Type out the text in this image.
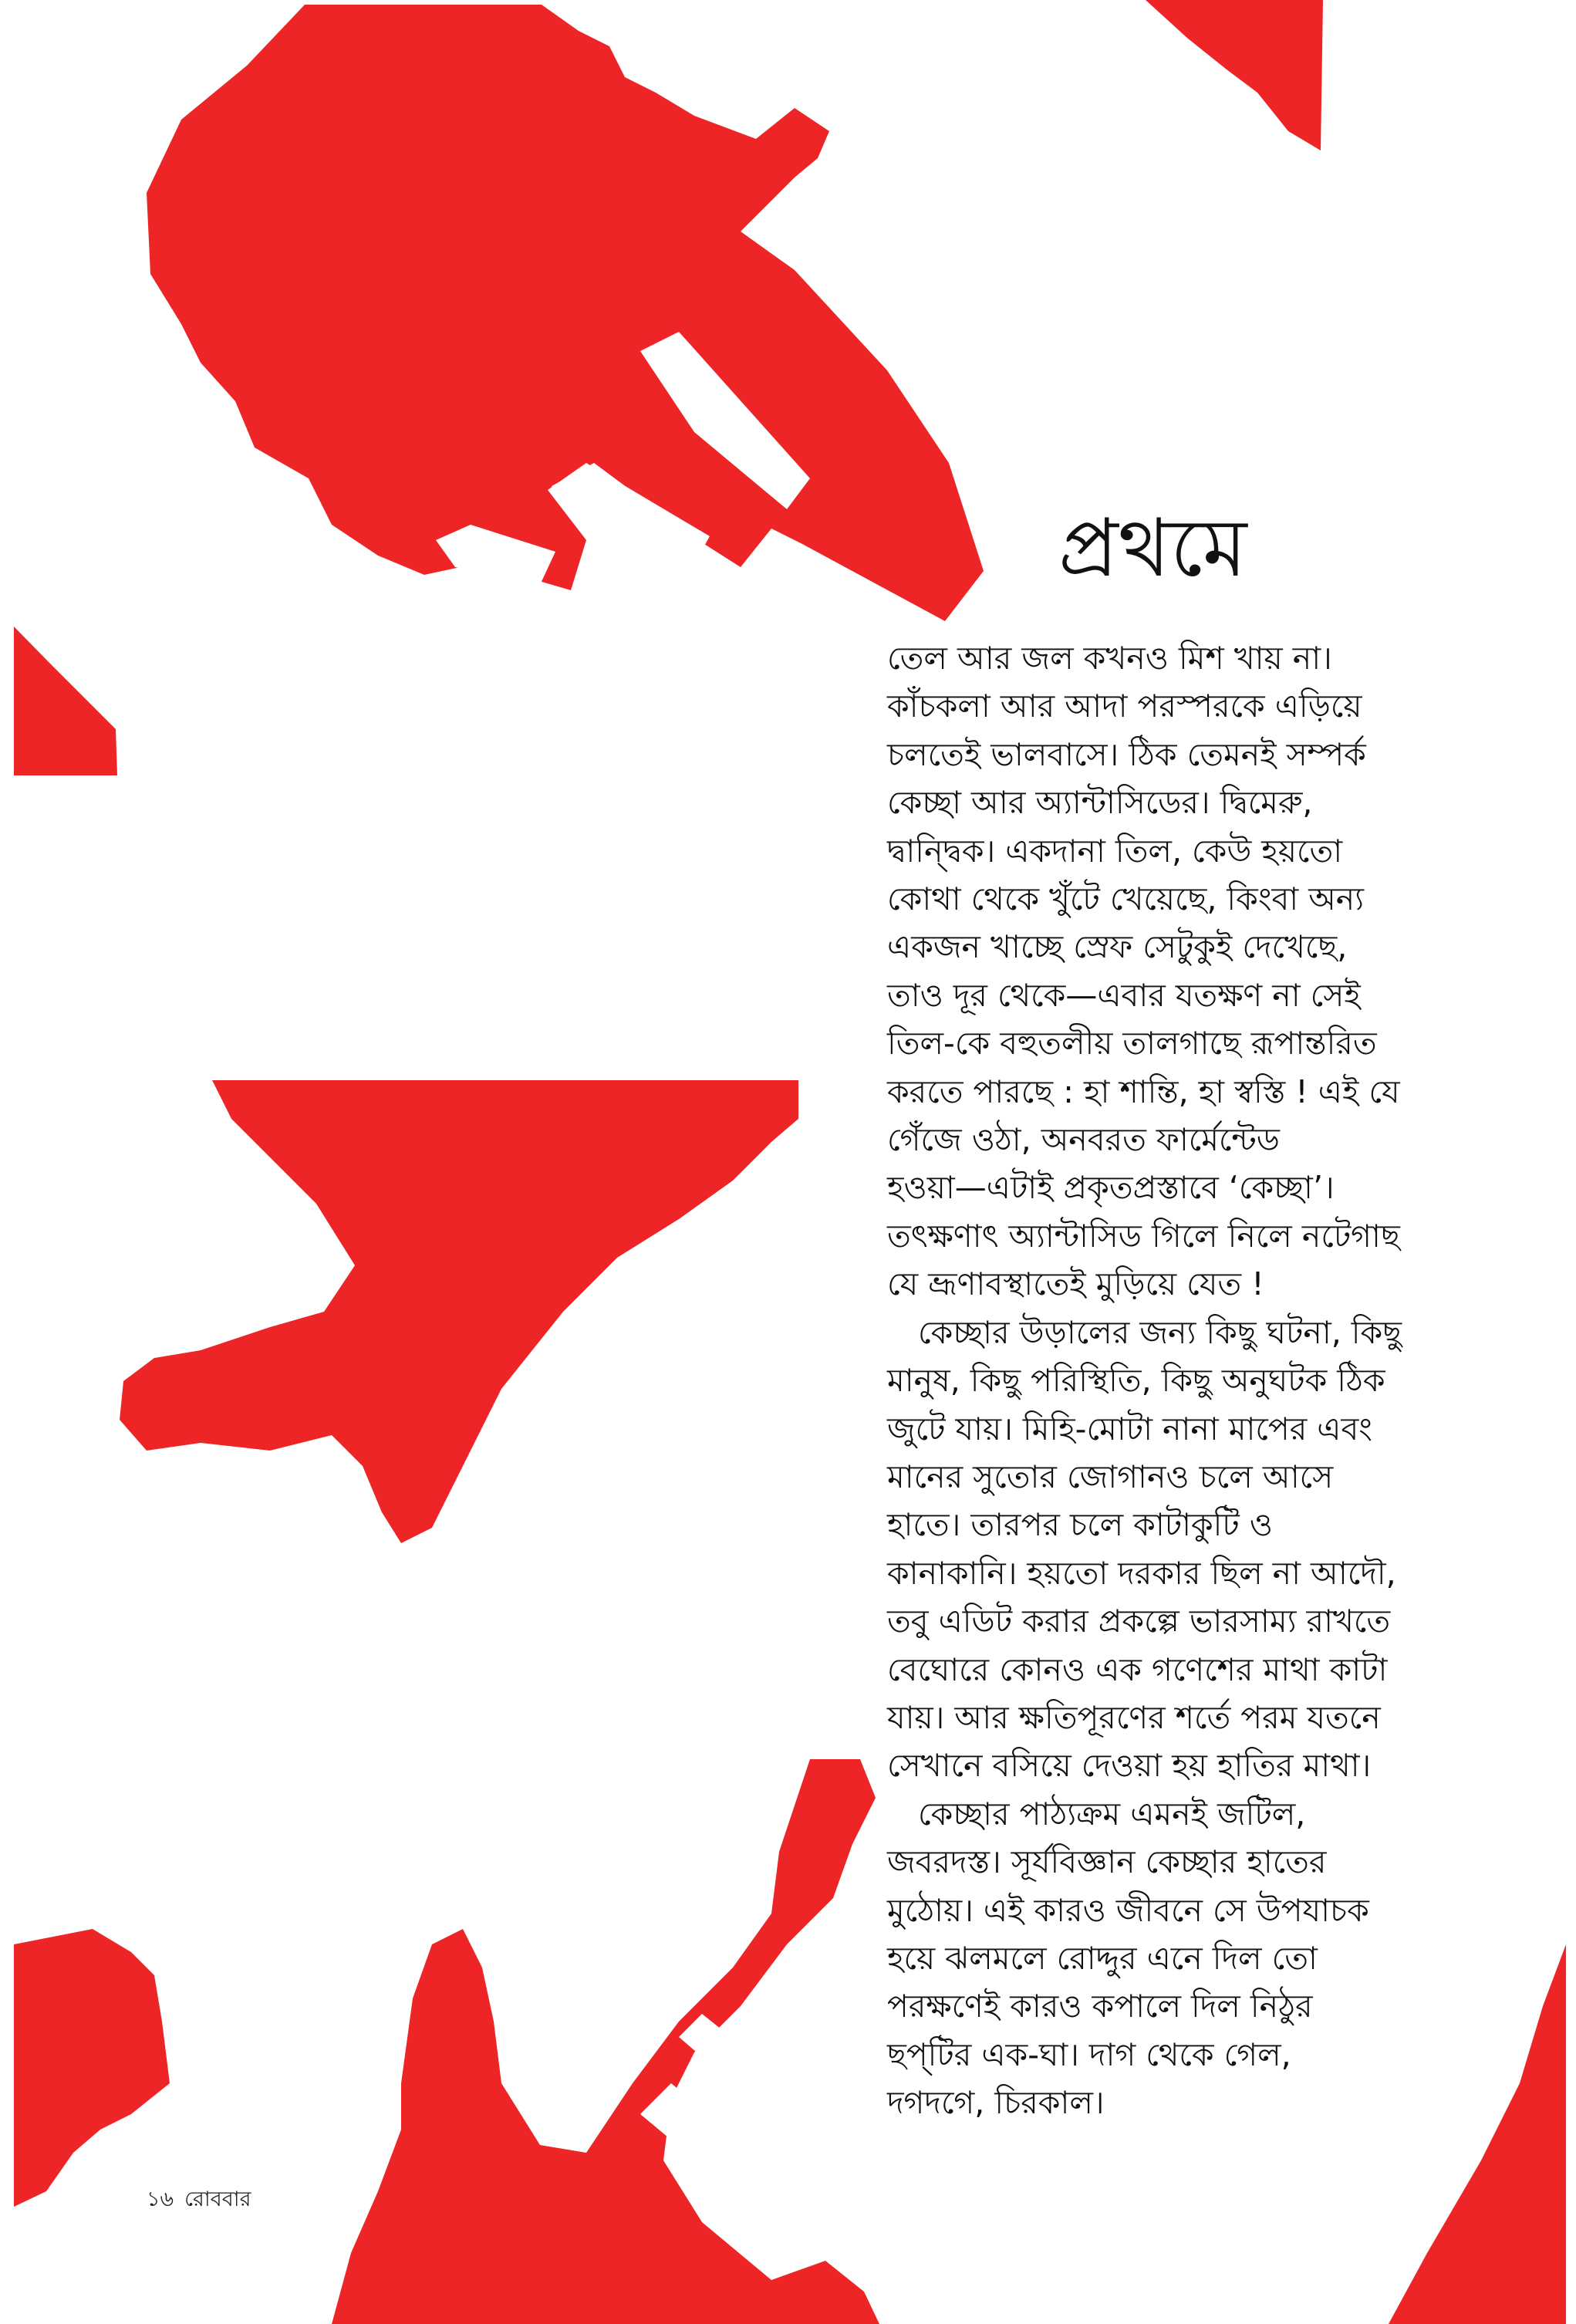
প্রথমে

তেল আর জল কখনও মিশ খায় না।
কাঁচকলা আর আদা পরস্পরকে এড়িয়ে
চলতেই ভালবাসে। ঠিক তেমনই সম্পর্ক
কেচ্ছা আর অ্যান্টাসিডের। দ্বিমেরু,
দ্বান্দ্বিক। একদানা তিল, কেউ হয়তো
কোথা থেকে খুঁটে খেয়েছে, কিংবা অন্য
একজন খাচ্ছে স্রেফ সেটুকুই দেখেছে,
তাও দূর থেকে—এবার যতক্ষণ না সেই
তিল-কে বহুতলীয় তালগাছে রূপান্তরিত
করতে পারছে : হা শান্তি, হা স্বস্তি ! এই যে
গেঁজে ওঠা, অনবরত ফার্মেন্টেড
হওয়া—এটাই প্রকৃতপ্রস্তাবে ‘কেচ্ছা’।
তৎক্ষণাৎ অ্যান্টাসিড গিলে নিলে নটেগাছ
যে ভ্রূণাবস্থাতেই মুড়িয়ে যেত !

কেচ্ছার উড়ালের জন্য কিছু ঘটনা, কিছু
মানুষ, কিছু পরিস্থিতি, কিছু অনুঘটক ঠিক
জুটে যায়। মিহি-মোটা নানা মাপের এবং
মানের সুতোর জোগানও চলে আসে
হাতে। তারপর চলে কাটাকুটি ও
কানাকানি। হয়তো দরকার ছিল না আদৌ,
তবু এডিট করার প্রকল্পে ভারসাম্য রাখতে
বেঘোরে কোনও এক গণেশের মাথা কাটা
যায়। আর ক্ষতিপূরণের শর্তে পরম যতনে
সেখানে বসিয়ে দেওয়া হয় হাতির মাথা।

কেচ্ছার পাঠ্যক্রম এমনই জটিল,
জবরদস্ত। সূর্যবিজ্ঞান কেচ্ছার হাতের
মুঠোয়। এই কারও জীবনে সে উপযাচক
হয়ে ঝলমলে রোদ্দুর এনে দিল তো
পরক্ষণেই কারও কপালে দিল নিঠুর
ছপ্‌টির এক-ঘা। দাগ থেকে গেল,
দগদগে, চিরকাল।

১৬ রোববার
